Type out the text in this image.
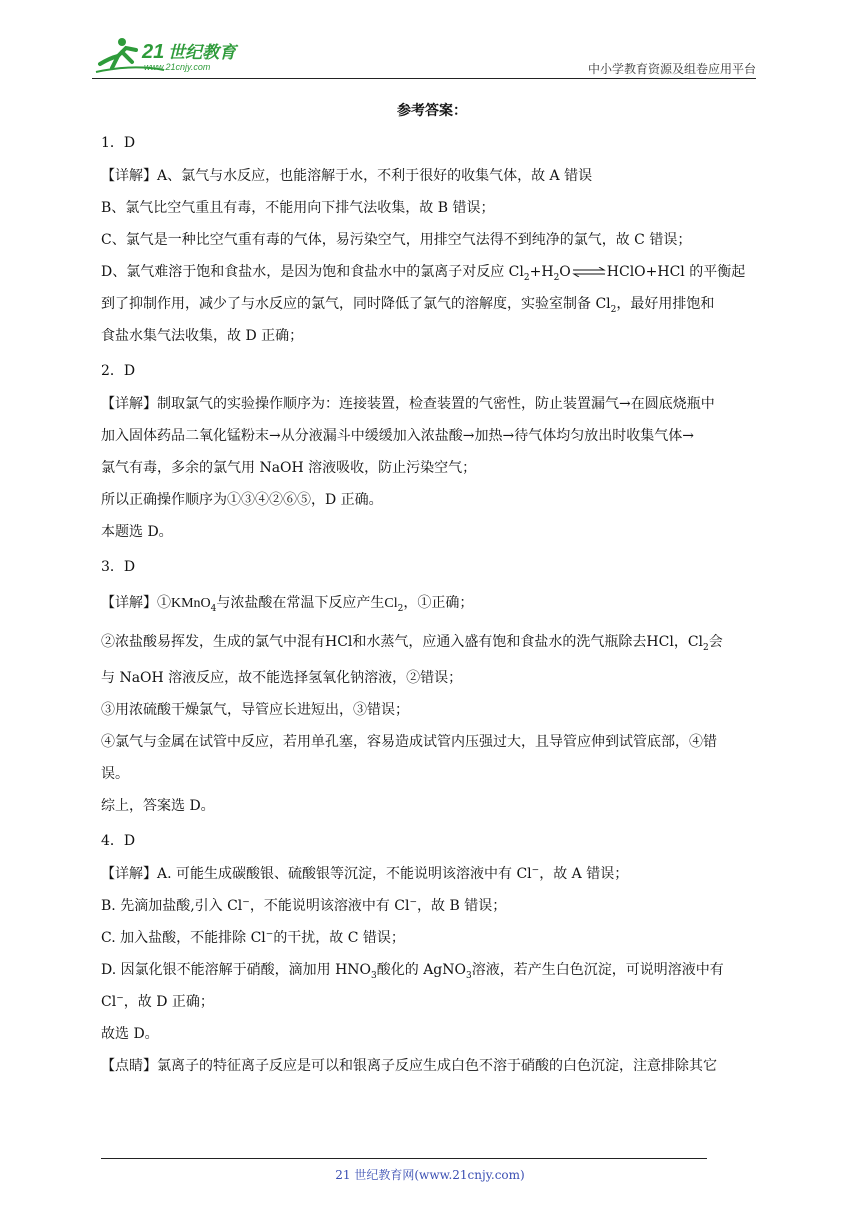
21 世纪教育
www.21cnjy.com	中小学教育资源及组卷应用平台
参考答案：
1．D
【详解】A、氯气与水反应，也能溶解于水，不利于很好的收集气体，故 A 错误
B、氯气比空气重且有毒，不能用向下排气法收集，故 B 错误；
C、氯气是一种比空气重有毒的气体，易污染空气，用排空气法得不到纯净的氯气，故 C 错误；
D、氯气难溶于饱和食盐水，是因为饱和食盐水中的氯离子对反应 $Cl_2+H_2O\rightleftharpoons HClO+HCl$ 的平衡起
到了抑制作用，减少了与水反应的氯气，同时降低了氯气的溶解度，实验室制备 $Cl_2$，最好用排饱和
食盐水集气法收集，故 D 正确；
2．D
【详解】制取氯气的实验操作顺序为：连接装置，检查装置的气密性，防止装置漏气→在圆底烧瓶中
加入固体药品二氧化锰粉末→从分液漏斗中缓缓加入浓盐酸→加热→待气体均匀放出时收集气体→
氯气有毒，多余的氯气用 NaOH 溶液吸收，防止污染空气；
所以正确操作顺序为①③④②⑥⑤，D 正确。
本题选 D。
3．D
【详解】①KMnO$_4$与浓盐酸在常温下反应产生$Cl_2$，①正确；
②浓盐酸易挥发，生成的氯气中混有HCl和水蒸气，应通入盛有饱和食盐水的洗气瓶除去HCl，$Cl_2$会
与 NaOH 溶液反应，故不能选择氢氧化钠溶液，②错误；
③用浓硫酸干燥氯气，导管应长进短出，③错误；
④氯气与金属在试管中反应，若用单孔塞，容易造成试管内压强过大，且导管应伸到试管底部，④错
误。
综上，答案选 D。
4．D
【详解】A. 可能生成碳酸银、硫酸银等沉淀，不能说明该溶液中有 Cl−，故 A 错误；
B. 先滴加盐酸,引入 Cl−，不能说明该溶液中有 Cl−，故 B 错误；
C. 加入盐酸，不能排除 Cl−的干扰，故 C 错误；
D. 因氯化银不能溶解于硝酸，滴加用 $HNO_3$酸化的 AgNO$_3$溶液，若产生白色沉淀，可说明溶液中有
Cl−，故 D 正确；
故选 D。
【点睛】氯离子的特征离子反应是可以和银离子反应生成白色不溶于硝酸的白色沉淀，注意排除其它
21 世纪教育网(www.21cnjy.com)
